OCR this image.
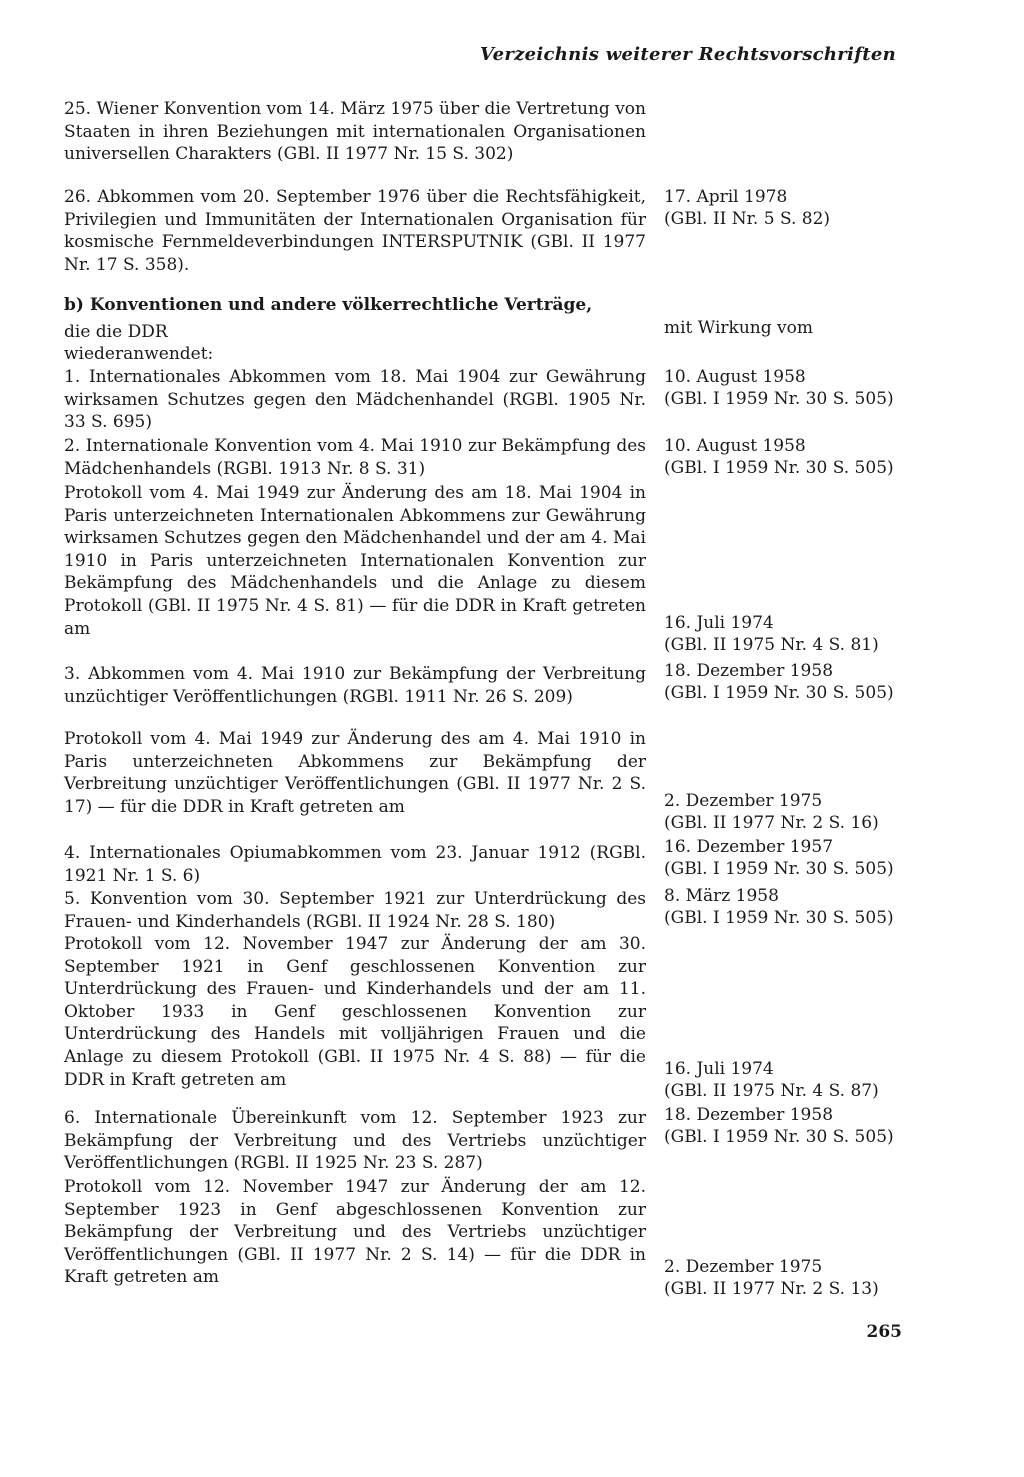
Verzeichnis weiterer Rechtsvorschriften

25. Wiener Konvention vom 14. März 1975 über die Vertretung von Staaten in ihren Beziehungen mit internationalen Organisationen universellen Charakters (GBl. II 1977 Nr. 15 S. 302)

26. Abkommen vom 20. September 1976 über die Rechtsfähigkeit, Privilegien und Immunitäten der Internationalen Organisation für kosmische Fernmeldeverbindungen INTERSPUTNIK (GBl. II 1977 Nr. 17 S. 358).

b) Konventionen und andere völkerrechtliche Verträge,

die die DDR

wiederanwendet:

1. Internationales Abkommen vom 18. Mai 1904 zur Gewährung wirksamen Schutzes gegen den Mädchenhandel (RGBl. 1905 Nr. 33 S. 695)

2. Internationale Konvention vom 4. Mai 1910 zur Bekämpfung des Mädchenhandels (RGBl. 1913 Nr. 8 S. 31)

Protokoll vom 4. Mai 1949 zur Änderung des am 18. Mai 1904 in Paris unterzeichneten Internationalen Abkommens zur Gewährung wirksamen Schutzes gegen den Mädchenhandel und der am 4. Mai 1910 in Paris unterzeichneten Internationalen Konvention zur Bekämpfung des Mädchenhandels und die Anlage zu diesem Protokoll (GBl. II 1975 Nr. 4 S. 81) — für die DDR in Kraft getreten am

3. Abkommen vom 4. Mai 1910 zur Bekämpfung der Verbreitung unzüchtiger Veröffentlichungen (RGBl. 1911 Nr. 26 S. 209)

Protokoll vom 4. Mai 1949 zur Änderung des am 4. Mai 1910 in Paris unterzeichneten Abkommens zur Bekämpfung der Verbreitung unzüchtiger Veröffentlichungen (GBl. II 1977 Nr. 2 S. 17) — für die DDR in Kraft getreten am

4. Internationales Opiumabkommen vom 23. Januar 1912 (RGBl. 1921 Nr. 1 S. 6)

5. Konvention vom 30. September 1921 zur Unterdrückung des Frauen- und Kinderhandels (RGBl. II 1924 Nr. 28 S. 180)

Protokoll vom 12. November 1947 zur Änderung der am 30. September 1921 in Genf geschlossenen Konvention zur Unterdrückung des Frauen- und Kinderhandels und der am 11. Oktober 1933 in Genf geschlossenen Konvention zur Unterdrückung des Handels mit volljährigen Frauen und die Anlage zu diesem Protokoll (GBl. II 1975 Nr. 4 S. 88) — für die DDR in Kraft getreten am

6. Internationale Übereinkunft vom 12. September 1923 zur Bekämpfung der Verbreitung und des Vertriebs unzüchtiger Veröffentlichungen (RGBl. II 1925 Nr. 23 S. 287)

Protokoll vom 12. November 1947 zur Änderung der am 12. September 1923 in Genf abgeschlossenen Konvention zur Bekämpfung der Verbreitung und des Vertriebs unzüchtiger Veröffentlichungen (GBl. II 1977 Nr. 2 S. 14) — für die DDR in Kraft getreten am

17. April 1978
(GBl. II Nr. 5 S. 82)
mit Wirkung vom
10. August 1958
(GBl. I 1959 Nr. 30 S. 505)
10. August 1958
(GBl. I 1959 Nr. 30 S. 505)
16. Juli 1974
(GBl. II 1975 Nr. 4 S. 81)
18. Dezember 1958
(GBl. I 1959 Nr. 30 S. 505)
2. Dezember 1975
(GBl. II 1977 Nr. 2 S. 16)
16. Dezember 1957
(GBl. I 1959 Nr. 30 S. 505)
8. März 1958
(GBl. I 1959 Nr. 30 S. 505)
16. Juli 1974
(GBl. II 1975 Nr. 4 S. 87)
18. Dezember 1958
(GBl. I 1959 Nr. 30 S. 505)
2. Dezember 1975
(GBl. II 1977 Nr. 2 S. 13)
265
